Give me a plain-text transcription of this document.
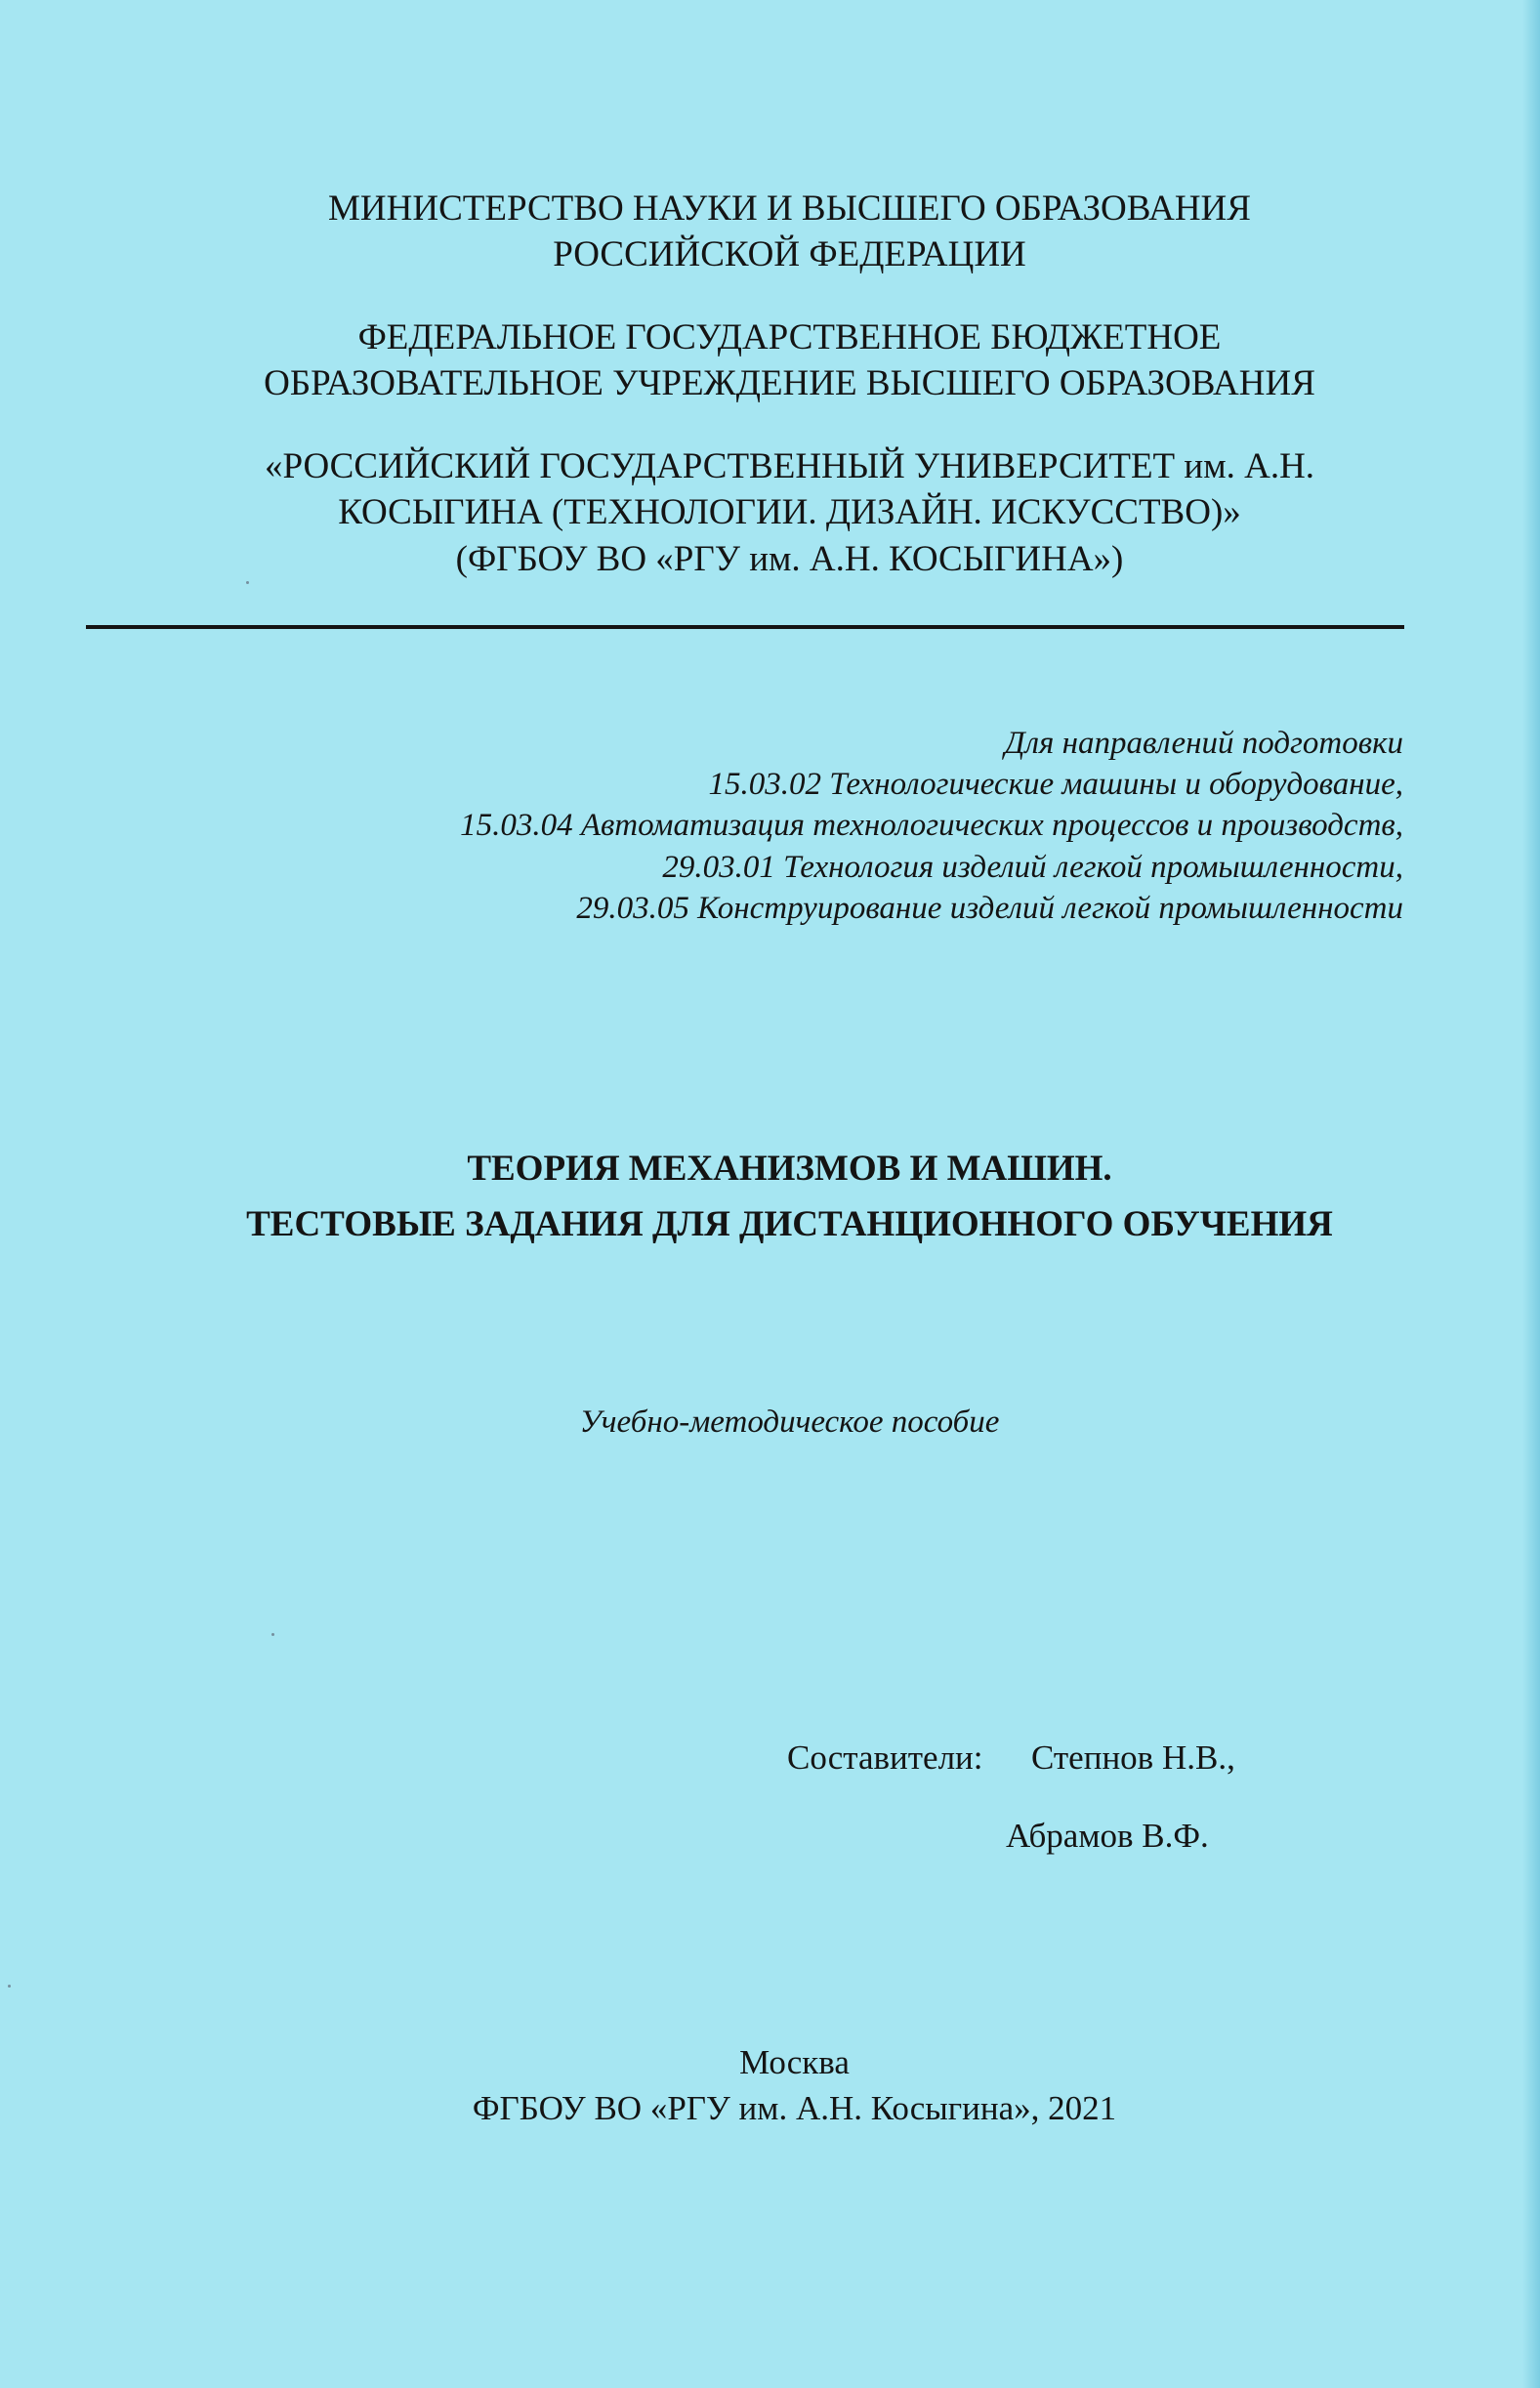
МИНИСТЕРСТВО НАУКИ И ВЫСШЕГО ОБРАЗОВАНИЯ
РОССИЙСКОЙ ФЕДЕРАЦИИ
ФЕДЕРАЛЬНОЕ ГОСУДАРСТВЕННОЕ БЮДЖЕТНОЕ
ОБРАЗОВАТЕЛЬНОЕ УЧРЕЖДЕНИЕ ВЫСШЕГО ОБРАЗОВАНИЯ
«РОССИЙСКИЙ ГОСУДАРСТВЕННЫЙ УНИВЕРСИТЕТ им. А.Н.
КОСЫГИНА (ТЕХНОЛОГИИ. ДИЗАЙН. ИСКУССТВО)»
(ФГБОУ ВО «РГУ им. А.Н. КОСЫГИНА»)
Для направлений подготовки
15.03.02 Технологические машины и оборудование,
15.03.04 Автоматизация технологических процессов и производств,
29.03.01 Технология изделий легкой промышленности,
29.03.05 Конструирование изделий легкой промышленности
ТЕОРИЯ МЕХАНИЗМОВ И МАШИН.
ТЕСТОВЫЕ ЗАДАНИЯ ДЛЯ ДИСТАНЦИОННОГО ОБУЧЕНИЯ
Учебно-методическое пособие
Составители:	Степнов Н.В.,
Абрамов В.Ф.
Москва
ФГБОУ ВО «РГУ им. А.Н. Косыгина», 2021
